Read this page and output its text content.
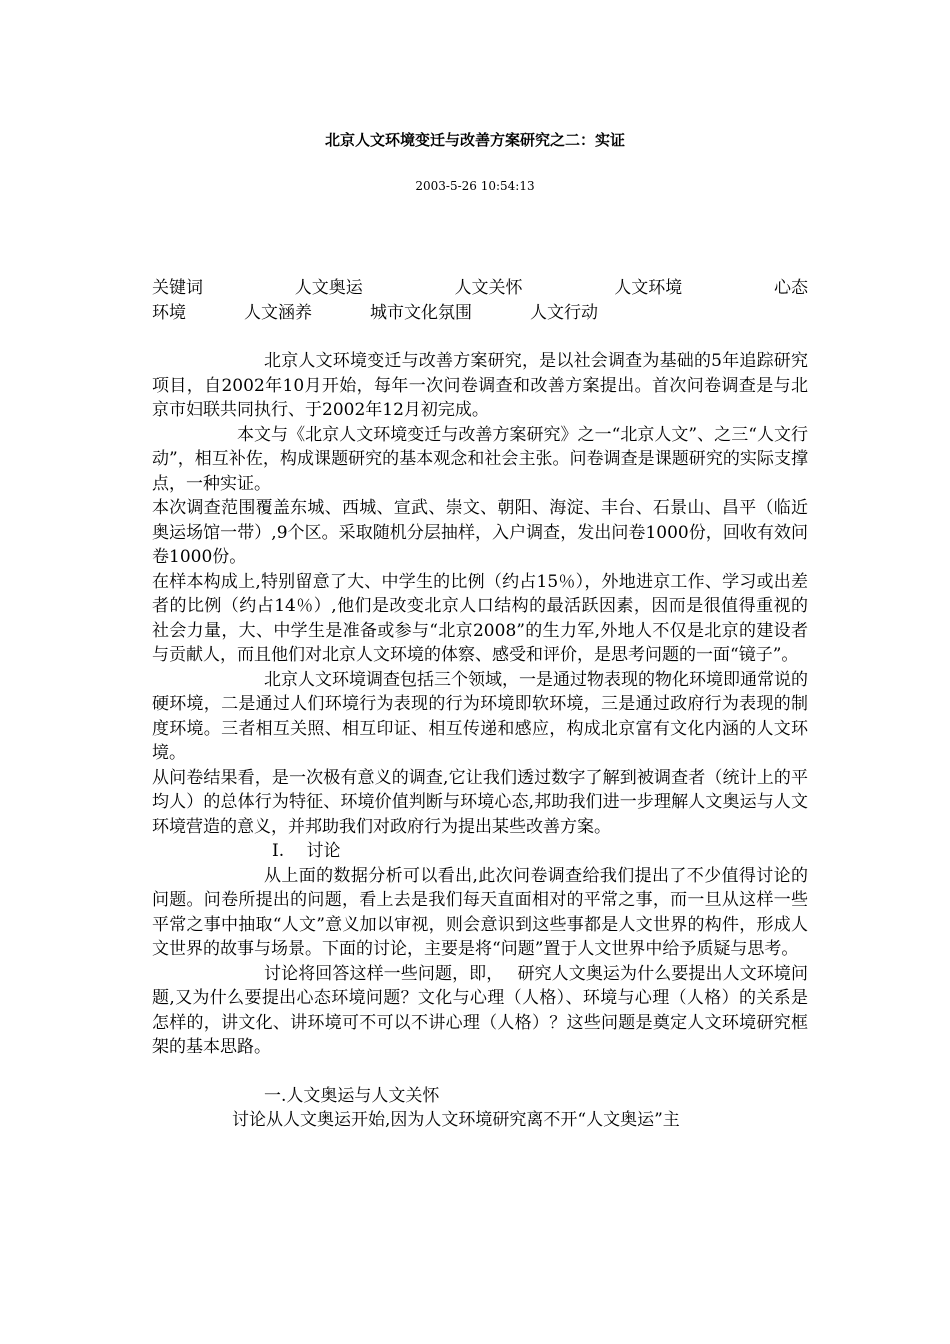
北京人文环境变迁与改善方案研究之二：实证
2003-5-26 10:54:13
关键词	人文奥运	人文关怀	人文环境	心态
环境	人文涵养	城市文化氛围	人文行动

北京人文环境变迁与改善方案研究，是以社会调查为基础的5年追踪研究项目，自2002年10月开始，每年一次问卷调查和改善方案提出。首次问卷调查是与北京市妇联共同执行、于2002年12月初完成。

本文与《北京人文环境变迁与改善方案研究》之一“北京人文”、之三“人文行动”，相互补佐，构成课题研究的基本观念和社会主张。问卷调查是课题研究的实际支撑点，一种实证。

本次调查范围覆盖东城、西城、宣武、崇文、朝阳、海淀、丰台、石景山、昌平（临近奥运场馆一带）,9个区。采取随机分层抽样，入户调查，发出问卷1000份，回收有效问卷1000份。

在样本构成上,特别留意了大、中学生的比例（约占15％），外地进京工作、学习或出差者的比例（约占14％）,他们是改变北京人口结构的最活跃因素，因而是很值得重视的社会力量，大、中学生是准备或参与“北京2008”的生力军,外地人不仅是北京的建设者与贡献人，而且他们对北京人文环境的体察、感受和评价，是思考问题的一面“镜子”。

北京人文环境调查包括三个领域，一是通过物表现的物化环境即通常说的硬环境，二是通过人们环境行为表现的行为环境即软环境，三是通过政府行为表现的制度环境。三者相互关照、相互印证、相互传递和感应，构成北京富有文化内涵的人文环境。

从问卷结果看，是一次极有意义的调查,它让我们透过数字了解到被调查者（统计上的平均人）的总体行为特征、环境价值判断与环境心态,邦助我们进一步理解人文奥运与人文环境营造的意义，并邦助我们对政府行为提出某些改善方案。

Ⅰ.　 讨论

从上面的数据分析可以看出,此次问卷调查给我们提出了不少值得讨论的问题。问卷所提出的问题，看上去是我们每天直面相对的平常之事，而一旦从这样一些平常之事中抽取“人文”意义加以审视，则会意识到这些事都是人文世界的构件，形成人文世界的故事与场景。下面的讨论，主要是将“问题”置于人文世界中给予质疑与思考。

讨论将回答这样一些问题，即，　 研究人文奥运为什么要提出人文环境问题,又为什么要提出心态环境问题？文化与心理（人格）、环境与心理（人格）的关系是怎样的，讲文化、讲环境可不可以不讲心理（人格）？这些问题是奠定人文环境研究框架的基本思路。

一.人文奥运与人文关怀

讨论从人文奥运开始,因为人文环境研究离不开“人文奥运”主
